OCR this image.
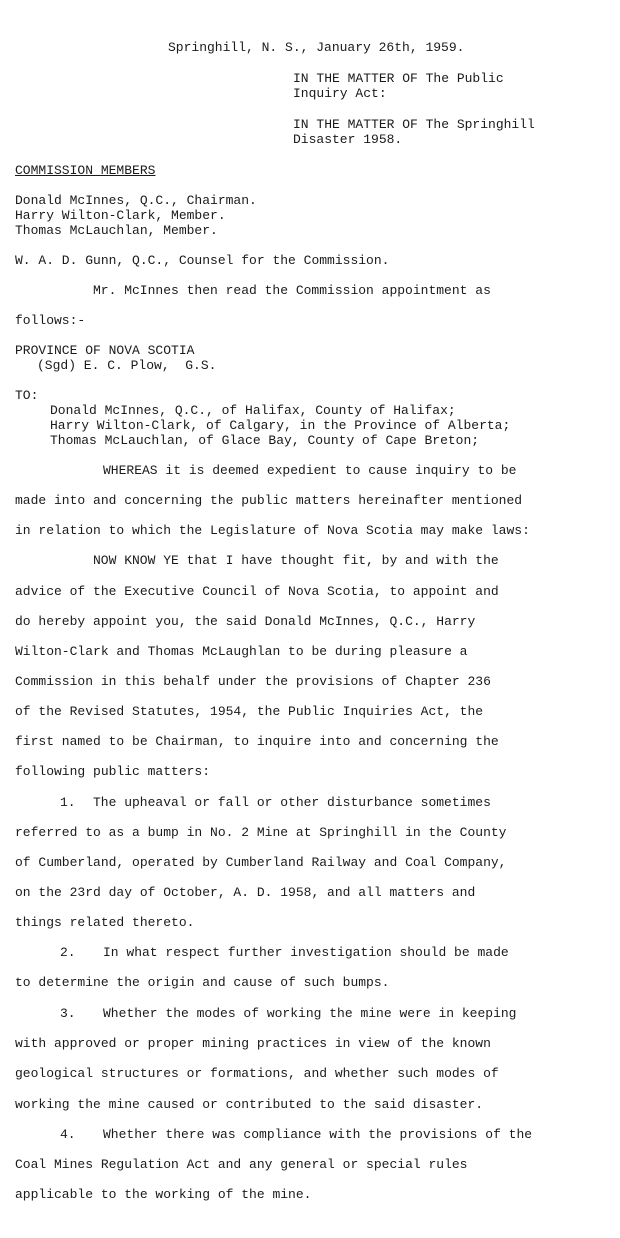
Springhill, N. S., January 26th, 1959.
IN THE MATTER OF The Public
Inquiry Act:
IN THE MATTER OF The Springhill
Disaster 1958.
COMMISSION MEMBERS
Donald McInnes, Q.C., Chairman.
Harry Wilton-Clark, Member.
Thomas McLauchlan, Member.
W. A. D. Gunn, Q.C., Counsel for the Commission.
Mr. McInnes then read the Commission appointment as
follows:-
PROVINCE OF NOVA SCOTIA
(Sgd) E. C. Plow,  G.S.
TO:
Donald McInnes, Q.C., of Halifax, County of Halifax;
Harry Wilton-Clark, of Calgary, in the Province of Alberta;
Thomas McLauchlan, of Glace Bay, County of Cape Breton;
WHEREAS it is deemed expedient to cause inquiry to be
made into and concerning the public matters hereinafter mentioned
in relation to which the Legislature of Nova Scotia may make laws:
NOW KNOW YE that I have thought fit, by and with the
advice of the Executive Council of Nova Scotia, to appoint and
do hereby appoint you, the said Donald McInnes, Q.C., Harry
Wilton-Clark and Thomas McLaughlan to be during pleasure a
Commission in this behalf under the provisions of Chapter 236
of the Revised Statutes, 1954, the Public Inquiries Act, the
first named to be Chairman, to inquire into and concerning the
following public matters:
1. The upheaval or fall or other disturbance sometimes
referred to as a bump in No. 2 Mine at Springhill in the County
of Cumberland, operated by Cumberland Railway and Coal Company,
on the 23rd day of October, A. D. 1958, and all matters and
things related thereto.
2. In what respect further investigation should be made
to determine the origin and cause of such bumps.
3. Whether the modes of working the mine were in keeping
with approved or proper mining practices in view of the known
geological structures or formations, and whether such modes of
working the mine caused or contributed to the said disaster.
4. Whether there was compliance with the provisions of the
Coal Mines Regulation Act and any general or special rules
applicable to the working of the mine.
